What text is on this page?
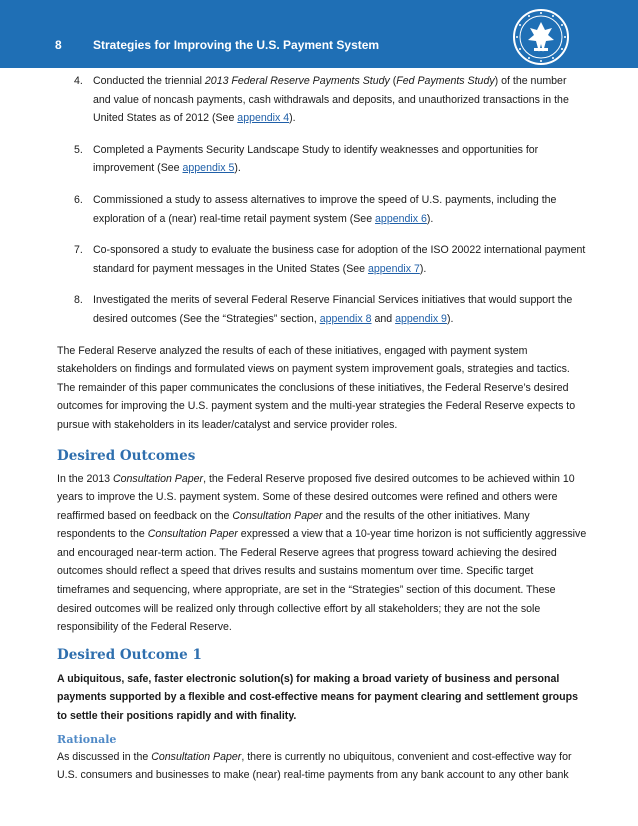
8	Strategies for Improving the U.S. Payment System
4. Conducted the triennial 2013 Federal Reserve Payments Study (Fed Payments Study) of the number and value of noncash payments, cash withdrawals and deposits, and unauthorized transactions in the United States as of 2012 (See appendix 4).
5. Completed a Payments Security Landscape Study to identify weaknesses and opportunities for improvement (See appendix 5).
6. Commissioned a study to assess alternatives to improve the speed of U.S. payments, including the exploration of a (near) real-time retail payment system (See appendix 6).
7. Co-sponsored a study to evaluate the business case for adoption of the ISO 20022 international payment standard for payment messages in the United States (See appendix 7).
8. Investigated the merits of several Federal Reserve Financial Services initiatives that would support the desired outcomes (See the “Strategies” section, appendix 8 and appendix 9).

The Federal Reserve analyzed the results of each of these initiatives, engaged with payment system stakeholders on findings and formulated views on payment system improvement goals, strategies and tactics. The remainder of this paper communicates the conclusions of these initiatives, the Federal Reserve’s desired outcomes for improving the U.S. payment system and the multi-year strategies the Federal Reserve expects to pursue with stakeholders in its leader/catalyst and service provider roles.

Desired Outcomes

In the 2013 Consultation Paper, the Federal Reserve proposed five desired outcomes to be achieved within 10 years to improve the U.S. payment system. Some of these desired outcomes were refined and others were reaffirmed based on feedback on the Consultation Paper and the results of the other initiatives. Many respondents to the Consultation Paper expressed a view that a 10-year time horizon is not sufficiently aggressive and encouraged near-term action. The Federal Reserve agrees that progress toward achieving the desired outcomes should reflect a speed that drives results and sustains momentum over time. Specific target timeframes and sequencing, where appropriate, are set in the “Strategies” section of this document. These desired outcomes will be realized only through collective effort by all stakeholders; they are not the sole responsibility of the Federal Reserve.

Desired Outcome 1

A ubiquitous, safe, faster electronic solution(s) for making a broad variety of business and personal payments supported by a flexible and cost-effective means for payment clearing and settlement groups to settle their positions rapidly and with finality.

Rationale

As discussed in the Consultation Paper, there is currently no ubiquitous, convenient and cost-effective way for U.S. consumers and businesses to make (near) real-time payments from any bank account to any other bank
